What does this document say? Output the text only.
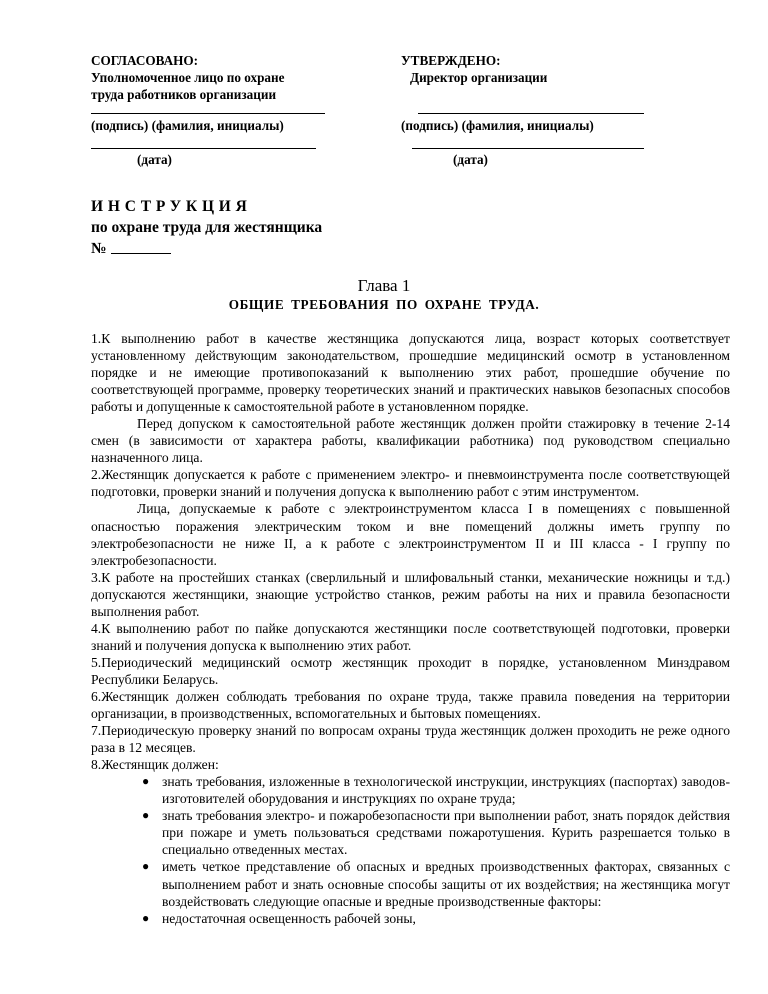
СОГЛАСОВАНО:
Уполномоченное лицо по охране
труда работников организации
УТВЕРЖДЕНО:
Директор организации
(подпись) (фамилия, инициалы)
(дата)
(подпись) (фамилия, инициалы)
(дата)
ИНСТРУКЦИЯ
по охране труда для жестянщика
№
Глава 1
ОБЩИЕ ТРЕБОВАНИЯ ПО ОХРАНЕ ТРУДА.

1.К выполнению работ в качестве жестянщика допускаются лица, возраст которых соответствует установленному действующим законодательством, прошедшие медицинский осмотр в установленном порядке и не имеющие противопоказаний к выполнению этих работ, прошедшие обучение по соответствующей программе, проверку теоретических знаний и практических навыков безопасных способов работы и допущенные к самостоятельной работе в установленном порядке.

Перед допуском к самостоятельной работе жестянщик должен пройти стажировку в течение 2-14 смен (в зависимости от характера работы, квалификации работника) под руководством специально назначенного лица.

2.Жестянщик допускается к работе с применением электро- и пневмоинструмента после соответствующей подготовки, проверки знаний и получения допуска к выполнению работ с этим инструментом.

Лица, допускаемые к работе с электроинструментом класса I в помещениях с повышенной опасностью поражения электрическим током и вне помещений должны иметь группу по электробезопасности не ниже II, а к работе с электроинструментом II и III класса - I группу по электробезопасности.

3.К работе на простейших станках (сверлильный и шлифовальный станки, механические ножницы и т.д.) допускаются жестянщики, знающие устройство станков, режим работы на них и правила безопасности выполнения работ.

4.К выполнению работ по пайке допускаются жестянщики после соответствующей подготовки, проверки знаний и получения допуска к выполнению этих работ.

5.Периодический медицинский осмотр жестянщик проходит в порядке, установленном Минздравом Республики Беларусь.

6.Жестянщик должен соблюдать требования по охране труда, также правила поведения на территории организации, в производственных, вспомогательных и бытовых помещениях.

7.Периодическую проверку знаний по вопросам охраны труда жестянщик должен проходить не реже одного раза в 12 месяцев.

8.Жестянщик должен:

● знать требования, изложенные в технологической инструкции, инструкциях (паспортах) заводов-изготовителей оборудования и инструкциях по охране труда;
● знать требования электро- и пожаробезопасности при выполнении работ, знать порядок действия при пожаре и уметь пользоваться средствами пожаротушения. Курить разрешается только в специально отведенных местах.
● иметь четкое представление об опасных и вредных производственных факторах, связанных с выполнением работ и знать основные способы защиты от их воздействия; на жестянщика могут воздействовать следующие опасные и вредные производственные факторы:
● недостаточная освещенность рабочей зоны,
